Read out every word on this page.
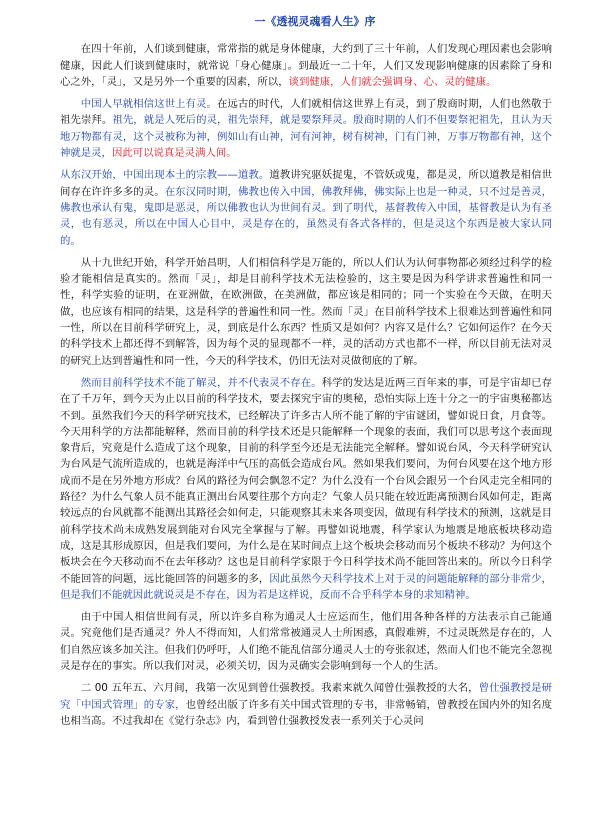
一《透视灵魂看人生》序

在四十年前，人们谈到健康，常常指的就是身体健康，大约到了三十年前，人们发现心理因素也会影响健康，因此人们谈到健康时，就常说「身心健康」。到最近一二十年，人们又发现影响健康的因素除了身和心之外，「灵」，又是另外一个重要的因素，所以，谈到健康，人们就会强调身、心、灵的健康。

中国人早就相信这世上有灵。在远古的时代，人们就相信这世界上有灵，到了殷商时期，人们也然敬于祖先崇拜。祖先，就是人死后的灵，祖先崇拜，就是要祭拜灵。殷商时期的人们不但要祭祀祖先，且认为天地万物都有灵，这个灵被称为神，例如山有山神，河有河神，树有树神，门有门神，万事万物都有神，这个神就是灵，因此可以说真是灵满人间。

从东汉开始，中国出现本土的宗教——道教。道教讲究驱妖捉鬼，不管妖或鬼，都是灵，所以道教是相信世间存在许许多多的灵。在东汉同时期，佛教也传入中国，佛教拜佛，佛实际上也是一种灵，只不过是善灵，佛教也承认有鬼，鬼即是恶灵，所以佛教也认为世间有灵。到了明代，基督教传入中国，基督教是认为有圣灵，也有恶灵，所以在中国人心目中，灵是存在的，虽然灵有各式各样的，但是灵这个东西是被大家认同的。

从十九世纪开始，科学开始昌明，人们相信科学是万能的，所以人们认为认何事物都必须经过科学的检验才能相信是真实的。然而「灵」，却是目前科学技术无法检验的，这主要是因为科学讲求普遍性和同一性，科学实验的证明，在亚洲做，在欧洲做，在美洲做，都应该是相同的；同一个实验在今天做，在明天做，也应该有相同的结果，这是科学的普遍性和同一性。然而「灵」在目前科学技术上很难达到普遍性和同一性，所以在目前科学研究上，灵，到底是什么东西？性质又是如何？内容又是什么？它如何运作？在今天的科学技术上都还得不到解答，因为每个灵的显现都不一样，灵的活动方式也都不一样，所以目前无法对灵的研究上达到普遍性和同一性，今天的科学技术，仍旧无法对灵做彻底的了解。

然而目前科学技术不能了解灵，并不代表灵不存在。科学的发达是近两三百年来的事，可是宇宙却已存在了千万年，到今天为止以目前的科学技术，要去探究宇宙的奥秘，恐怕实际上连十分之一的宇宙奥秘都达不到。虽然我们今天的科学研究技术，已经解决了许多古人所不能了解的宇宙谜团，譬如说日食，月食等。今天用科学的方法都能解释，然而目前的科学技术还是只能解释一个现象的表面，我们可以思考这个表面现象背后，究竟是什么造成了这个现象，目前的科学至今还是无法能完全解释。譬如说台风，今天科学研究认为台风是气流所造成的，也就是海洋中气压的高低会造成台风。然如果我们要问，为何台风要在这个地方形成而不是在另外地方形成？台风的路径为何会飘忽不定？为什么没有一个台风会跟另一个台风走完全相同的路径？为什么气象人员不能真正测出台风要往那个方向走？气象人员只能在较近距离预测台风如何走，距离较远点的台风就都不能测出其路径会如何走，只能观察其未来各项变因，做现有科学技术的预测，这就是目前科学技术尚未成熟发展到能对台风完全掌握与了解。再譬如说地震，科学家认为地震是地底板块移动造成，这是其形成原因，但是我们要问，为什么是在某时间点上这个板块会移动而另个板块不移动？为何这个板块会在今天移动而不在去年移动？这也是目前科学家限于今日科学技术尚不能回答出来的。所以今日科学不能回答的问题，远比能回答的问题多的多，因此虽然今天科学技术上对于灵的问题能解释的部分非常少，但是我们不能就因此就说灵是不存在，因为若是这样说，反而不合乎科学本身的求知精神。

由于中国人相信世间有灵，所以许多自称为通灵人士应运而生，他们用各种各样的方法表示自己能通灵。究竟他们是否通灵？外人不得而知，人们常常被通灵人士所困惑，真假难辨，不过灵既然是存在的，人们自然应该多加关注。但我们仍呼吁，人们绝不能乱信部分通灵人士的夸张叙述，然而人们也不能完全忽视灵是存在的事实。所以我们对灵，必须关切，因为灵确实会影响到每一个人的生活。

二 00 五年五、六月间，我第一次见到曾仕强教授。我素来就久闻曾仕强教授的大名，曾仕强教授是研究「中国式管理」的专家，也曾经出版了许多有关中国式管理的专书，非常畅销，曾教授在国内外的知名度也相当高。不过我却在《觉行杂志》内，看到曾仕强教授发表一系列关于心灵问
